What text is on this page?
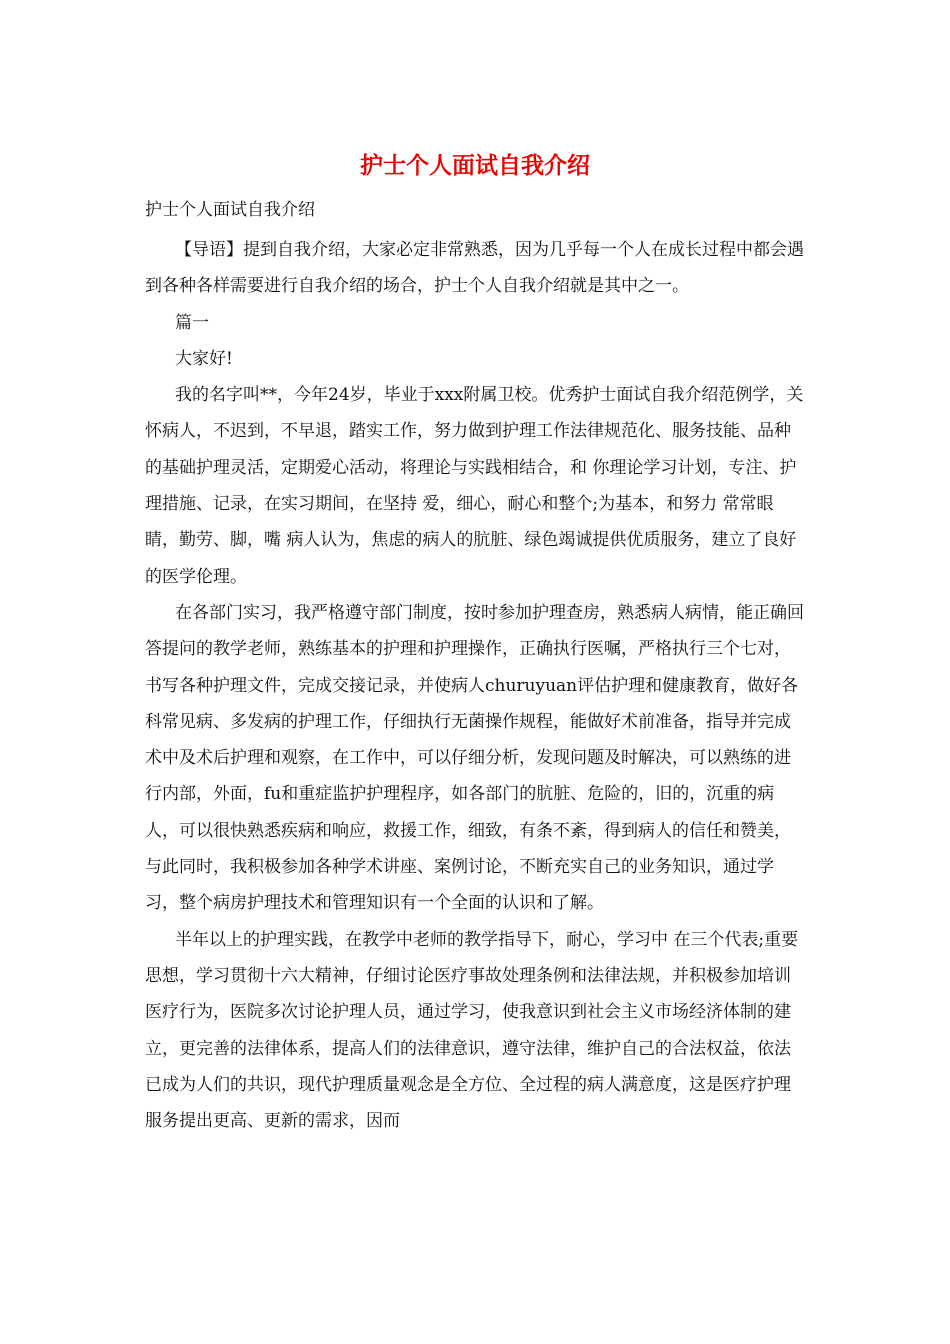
护士个人面试自我介绍

护士个人面试自我介绍

【导语】提到自我介绍，大家必定非常熟悉，因为几乎每一个人在成长过程中都会遇到各种各样需要进行自我介绍的场合，护士个人自我介绍就是其中之一。

篇一

大家好!

我的名字叫**，今年24岁，毕业于xxx附属卫校。优秀护士面试自我介绍范例学，关怀病人，不迟到，不早退，踏实工作，努力做到护理工作法律规范化、服务技能、品种的基础护理灵活，定期爱心活动，将理论与实践相结合，和 你理论学习计划，专注、护理措施、记录，在实习期间，在坚持 爱，细心，耐心和整个;为基本，和努力 常常眼睛，勤劳、脚，嘴 病人认为，焦虑的病人的肮脏、绿色竭诚提供优质服务，建立了良好的医学伦理。

在各部门实习，我严格遵守部门制度，按时参加护理查房，熟悉病人病情，能正确回答提问的教学老师，熟练基本的护理和护理操作，正确执行医嘱，严格执行三个七对，书写各种护理文件，完成交接记录，并使病人churuyuan评估护理和健康教育，做好各科常见病、多发病的护理工作，仔细执行无菌操作规程，能做好术前准备，指导并完成术中及术后护理和观察，在工作中，可以仔细分析，发现问题及时解决，可以熟练的进行内部，外面，fu和重症监护护理程序，如各部门的肮脏、危险的，旧的，沉重的病人，可以很快熟悉疾病和响应，救援工作，细致，有条不紊，得到病人的信任和赞美，与此同时，我积极参加各种学术讲座、案例讨论，不断充实自己的业务知识，通过学习，整个病房护理技术和管理知识有一个全面的认识和了解。

半年以上的护理实践，在教学中老师的教学指导下，耐心，学习中 在三个代表;重要思想，学习贯彻十六大精神，仔细讨论医疗事故处理条例和法律法规，并积极参加培训医疗行为，医院多次讨论护理人员，通过学习，使我意识到社会主义市场经济体制的建立，更完善的法律体系，提高人们的法律意识，遵守法律，维护自己的合法权益，依法已成为人们的共识，现代护理质量观念是全方位、全过程的病人满意度，这是医疗护理服务提出更高、更新的需求，因而
